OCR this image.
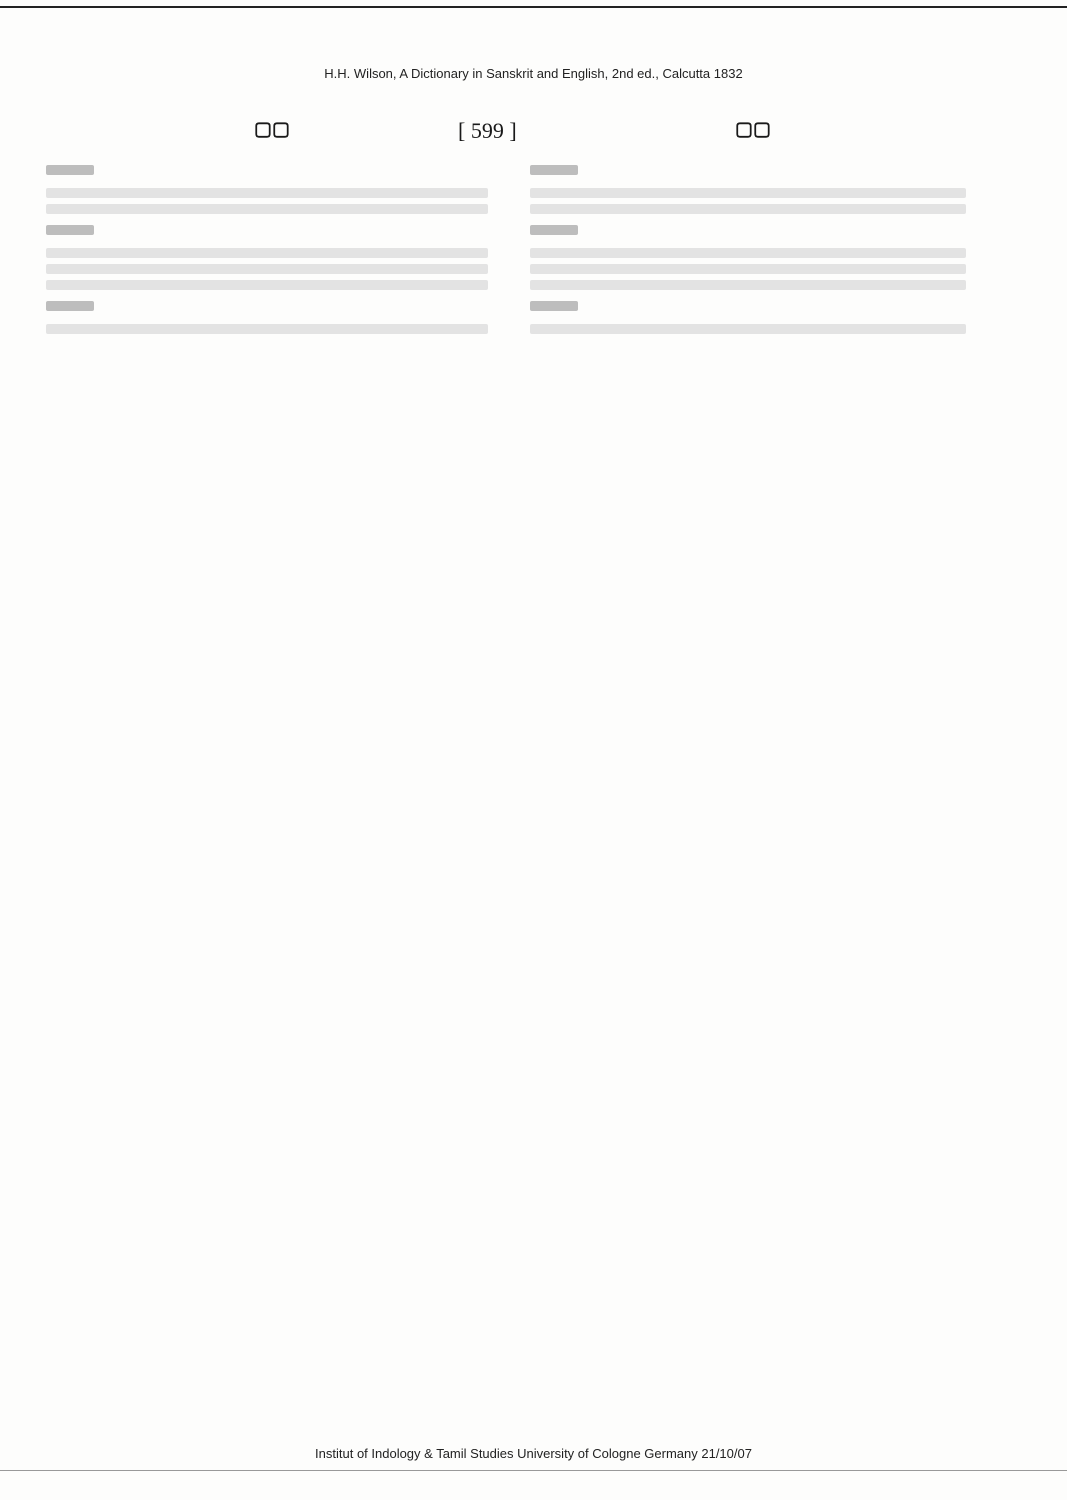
H.H. Wilson, A Dictionary in Sanskrit and English, 2nd ed., Calcutta 1832
▢▢	[ 599 ]	▢▢
Institut of Indology & Tamil Studies University of Cologne Germany 21/10/07
